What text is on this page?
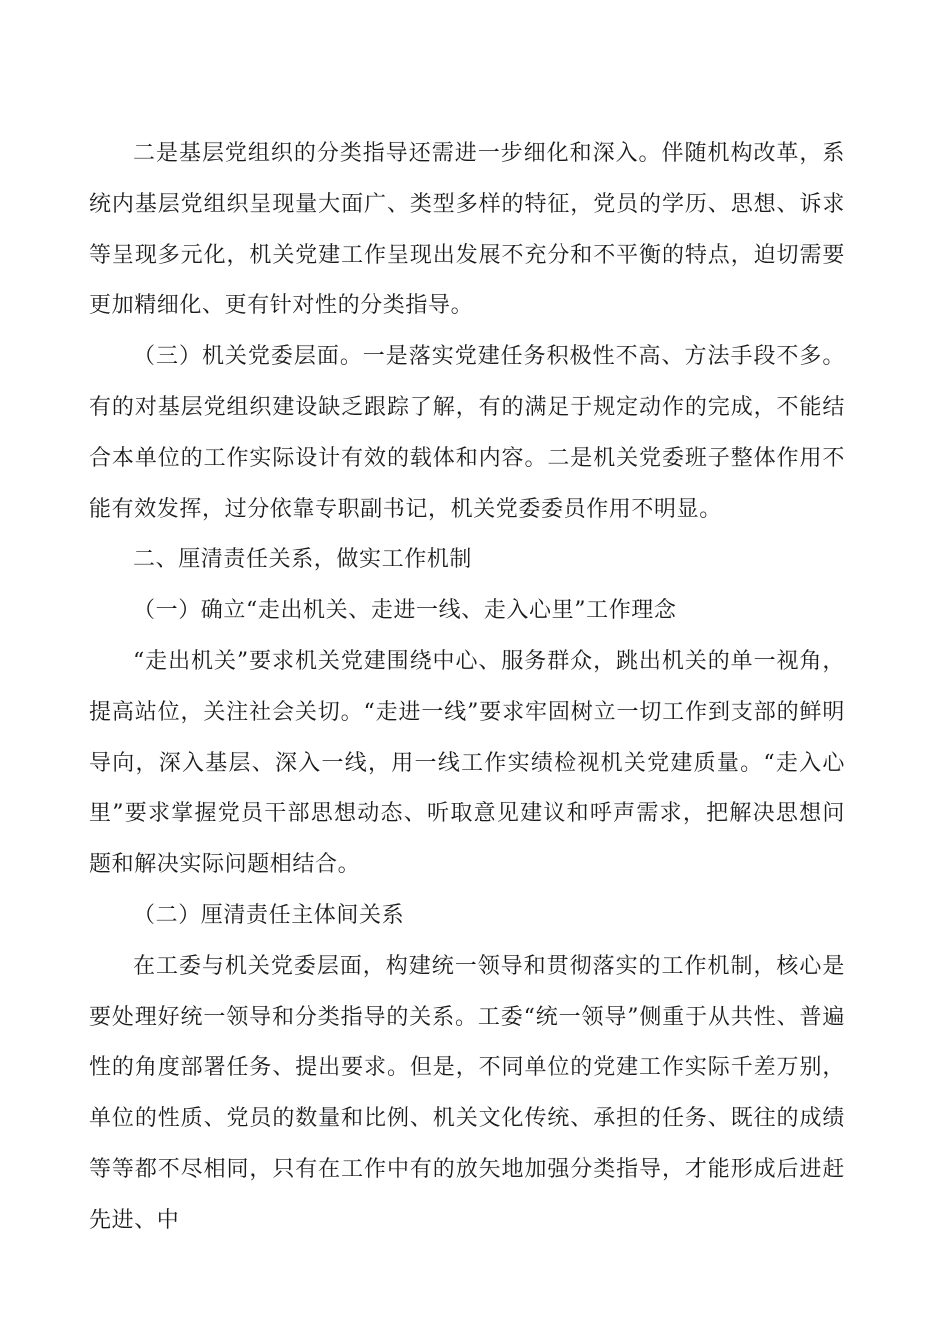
二是基层党组织的分类指导还需进一步细化和深入。伴随机构改革，系统内基层党组织呈现量大面广、类型多样的特征，党员的学历、思想、诉求等呈现多元化，机关党建工作呈现出发展不充分和不平衡的特点，迫切需要更加精细化、更有针对性的分类指导。

（三）机关党委层面。一是落实党建任务积极性不高、方法手段不多。有的对基层党组织建设缺乏跟踪了解，有的满足于规定动作的完成，不能结合本单位的工作实际设计有效的载体和内容。二是机关党委班子整体作用不能有效发挥，过分依靠专职副书记，机关党委委员作用不明显。

二、厘清责任关系，做实工作机制

（一）确立“走出机关、走进一线、走入心里”工作理念

“走出机关”要求机关党建围绕中心、服务群众，跳出机关的单一视角，提高站位，关注社会关切。“走进一线”要求牢固树立一切工作到支部的鲜明导向，深入基层、深入一线，用一线工作实绩检视机关党建质量。“走入心里”要求掌握党员干部思想动态、听取意见建议和呼声需求，把解决思想问题和解决实际问题相结合。

（二）厘清责任主体间关系

在工委与机关党委层面，构建统一领导和贯彻落实的工作机制，核心是要处理好统一领导和分类指导的关系。工委“统一领导”侧重于从共性、普遍性的角度部署任务、提出要求。但是，不同单位的党建工作实际千差万别，单位的性质、党员的数量和比例、机关文化传统、承担的任务、既往的成绩等等都不尽相同，只有在工作中有的放矢地加强分类指导，才能形成后进赶先进、中
